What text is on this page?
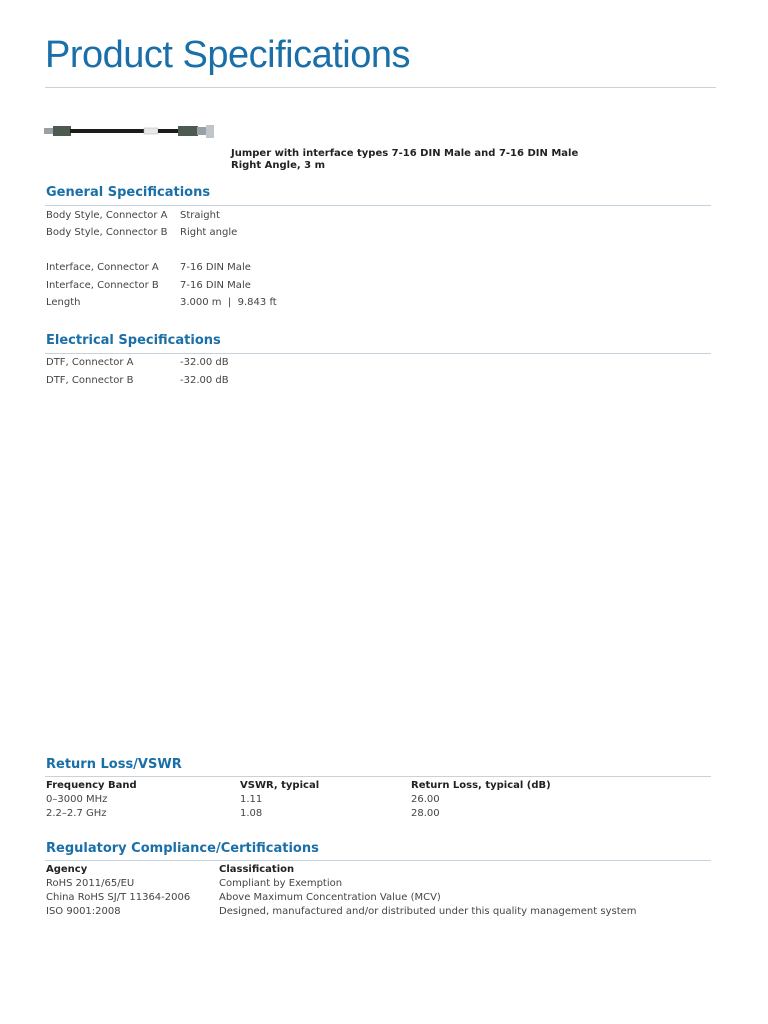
Product Specifications
Jumper with interface types 7-16 DIN Male and 7-16 DIN Male
Right Angle, 3 m
General Specifications
Body Style, Connector A Straight
Body Style, Connector B Right angle
Interface, Connector A 7-16 DIN Male
Interface, Connector B 7-16 DIN Male
Length	3.000 m  |  9.843 ft
Electrical Specifications
DTF, Connector A	-32.00 dB
DTF, Connector B	-32.00 dB
Return Loss/VSWR
Frequency Band	VSWR, typical	Return Loss, typical (dB)
0–3000 MHz	1.11	26.00
2.2–2.7 GHz	1.08	28.00
Regulatory Compliance/Certifications
Agency	Classification
RoHS 2011/65/EU	Compliant by Exemption
China RoHS SJ/T 11364-2006	Above Maximum Concentration Value (MCV)
ISO 9001:2008	Designed, manufactured and/or distributed under this quality management system
